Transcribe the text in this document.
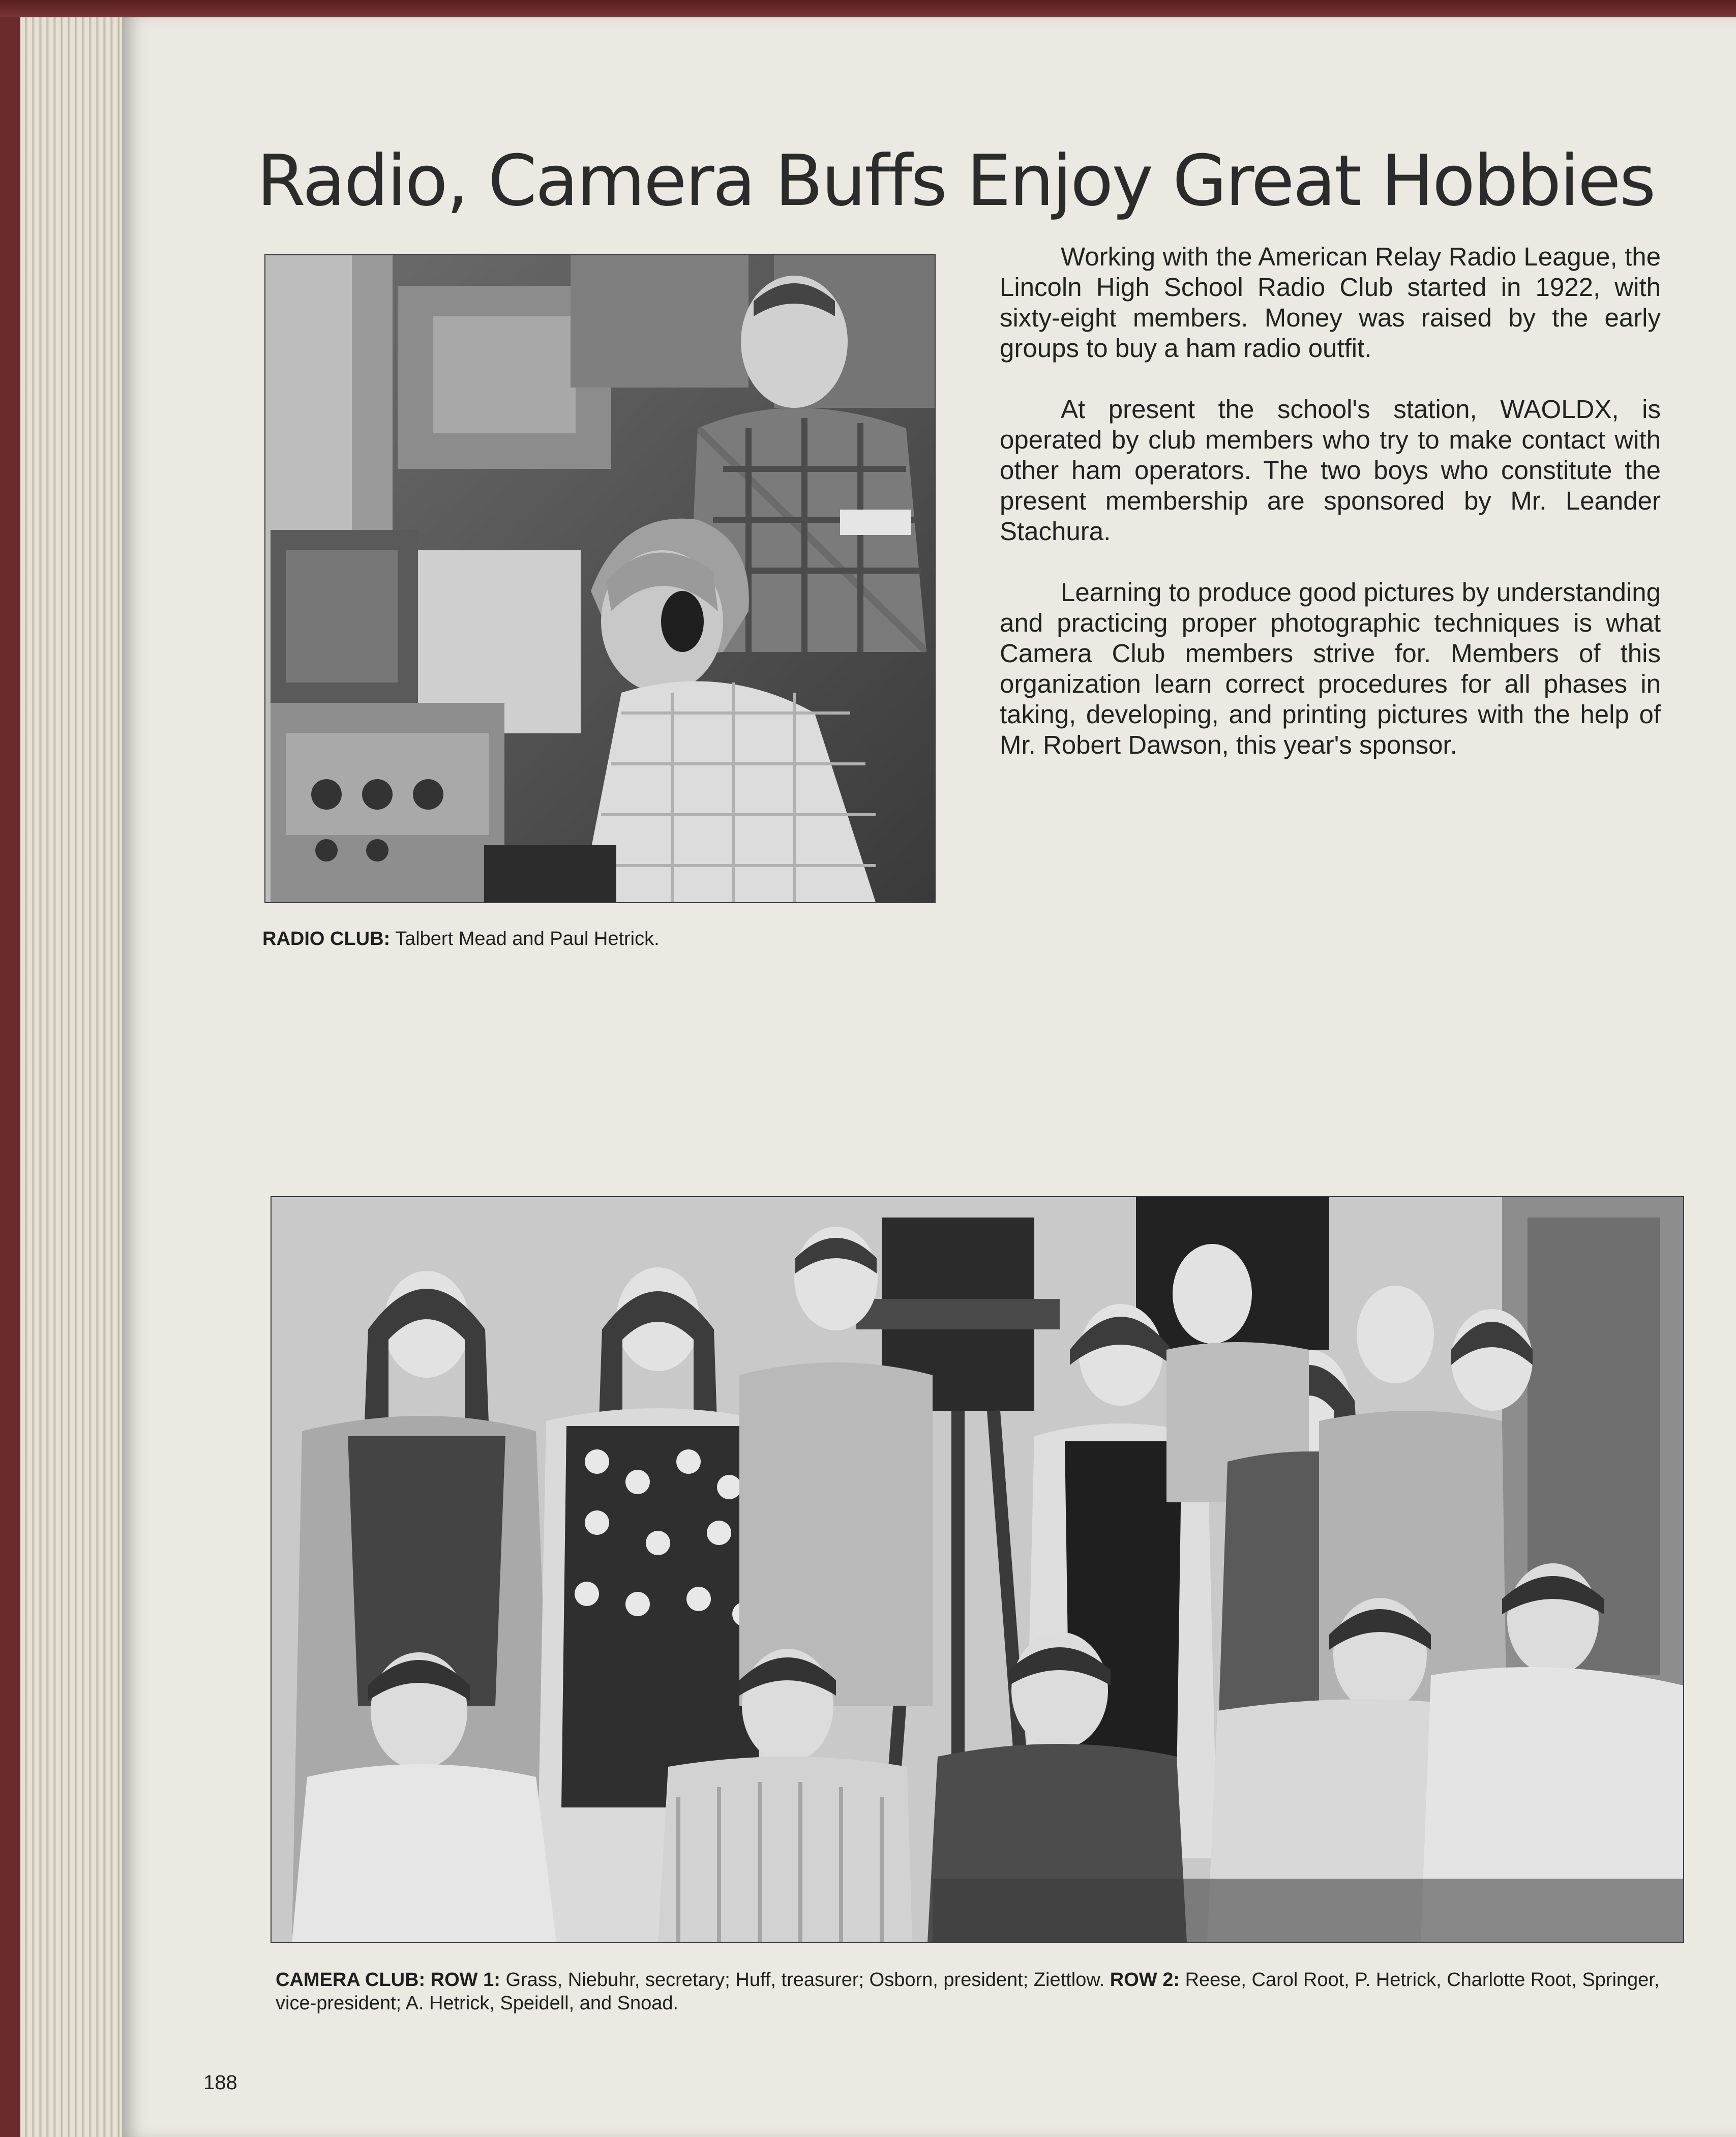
Radio, Camera Buffs Enjoy Great Hobbies

Working with the American Relay Radio League, the Lincoln High School Radio Club started in 1922, with sixty-eight members. Money was raised by the early groups to buy a ham radio outfit.

At present the school's station, WAOLDX, is operated by club members who try to make contact with other ham operators. The two boys who constitute the present membership are sponsored by Mr. Leander Stachura.

Learning to produce good pictures by understanding and practicing proper photographic techniques is what Camera Club members strive for. Members of this organization learn correct procedures for all phases in taking, developing, and printing pictures with the help of Mr. Robert Dawson, this year's sponsor.

RADIO CLUB: Talbert Mead and Paul Hetrick.
CAMERA CLUB: ROW 1: Grass, Niebuhr, secretary; Huff, treasurer; Osborn, president; Ziettlow. ROW 2: Reese, Carol Root, P. Hetrick, Charlotte Root, Springer, vice-president; A. Hetrick, Speidell, and Snoad.
188
